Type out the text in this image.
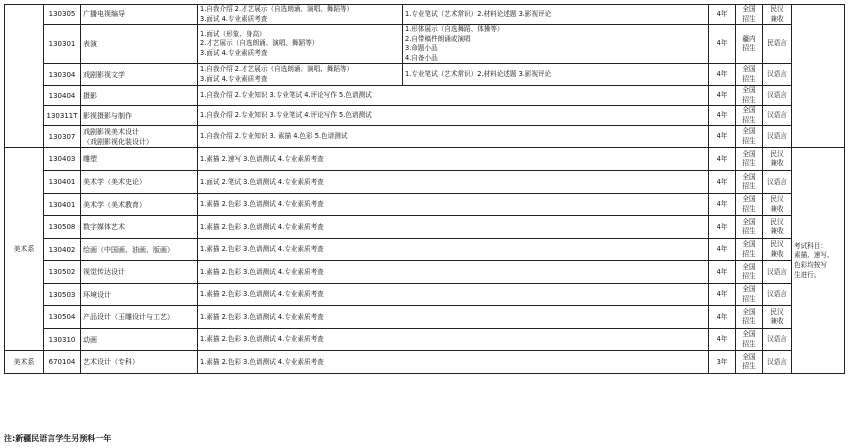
	130305	广播电视编导	1.自我介绍 2.才艺展示（自选朗诵、演唱、舞蹈等）
3.面试 4.专业素质考查	1.专业笔试（艺术常识）2.材料论述题 3.影视评论	4年	全国
招生	民汉
兼收	

	130301	表演	1.面试（形象、身高）
2.才艺展示（自选朗诵、演唱、舞蹈等）
3.面试 4.专业素质考查	1.形体展示（自选舞蹈、体操等）
2.自带稿件朗诵或演唱
3.命题小品
4.自备小品	4年	疆内
招生	民语言	

	130304	戏剧影视文学	1.自我介绍 2.才艺展示（自选朗诵、演唱、舞蹈等）
3.面试 4.专业素质考查	1.专业笔试（艺术常识）2.材料论述题 3.影视评论	4年	全国
招生	汉语言	

	130404	摄影	1.自我介绍 2.专业知识 3.专业笔试 4.评论写作 5.色谱测试		4年	全国
招生	汉语言	

	130311T	影视摄影与制作	1.自我介绍 2.专业知识 3.专业笔试 4.评论写作 5.色谱测试		4年	全国
招生	汉语言	

	130307	戏剧影视美术设计
（戏剧影视化装设计）	1.自我介绍 2.专业知识 3. 素描 4.色彩 5.色谱测试		4年	全国
招生	汉语言	

美术系	130403	雕塑	1.素描 2.速写 3.色谱测试 4.专业素质考查		4年	全国
招生	民汉
兼收	考试科目：
素描、速写、
色彩均按写
生进行。

	130401	美术学（美术史论）	1.面试 2.笔试 3.色谱测试 4.专业素质考查		4年	全国
招生	汉语言	

	130401	美术学（美术教育）	1.素描 2.色彩 3.色谱测试 4.专业素质考查		4年	全国
招生	民汉
兼收	

	130508	数字媒体艺术	1.素描 2.色彩 3.色谱测试 4.专业素质考查		4年	全国
招生	民汉
兼收	

	130402	绘画（中国画、油画、版画）	1.素描 2.色彩 3.色谱测试 4.专业素质考查		4年	全国
招生	民汉
兼收	

	130502	视觉传达设计	1.素描 2.色彩 3.色谱测试 4.专业素质考查		4年	全国
招生	汉语言	

	130503	环境设计	1.素描 2.色彩 3.色谱测试 4.专业素质考查		4年	全国
招生	汉语言	

	130504	产品设计（玉雕设计与工艺）	1.素描 2.色彩 3.色谱测试 4.专业素质考查		4年	全国
招生	民汉
兼收	

	130310	动画	1.素描 2.色彩 3.色谱测试 4.专业素质考查		4年	全国
招生	汉语言	

美术系	670104	艺术设计（专科）	1.素描 2.色彩 3.色谱测试 4.专业素质考查		3年	全国
招生	汉语言	

注:新疆民语言学生另预科一年
